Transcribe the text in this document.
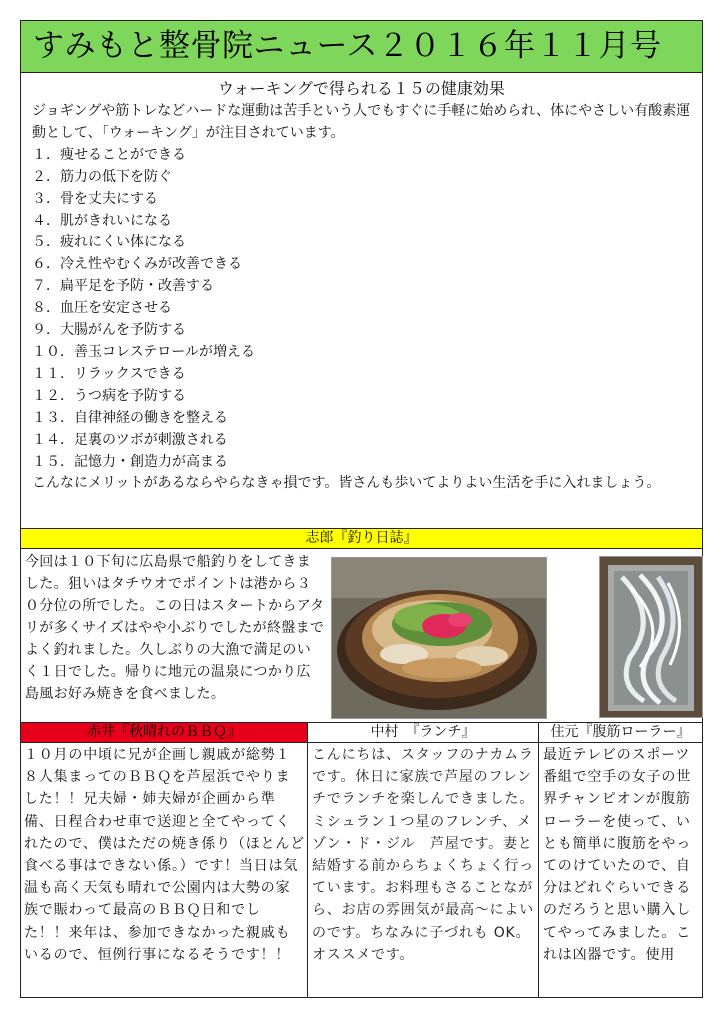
すみもと整骨院ニュース２０１６年１１月号
ウォーキングで得られる１５の健康効果

ジョギングや筋トレなどハードな運動は苦手という人でもすぐに手軽に始められ、体にやさしい有酸素運動として、「ウォーキング」が注目されています。

１．痩せることができる
２．筋力の低下を防ぐ
３．骨を丈夫にする
４．肌がきれいになる
５．疲れにくい体になる
６．冷え性やむくみが改善できる
７．扁平足を予防・改善する
８．血圧を安定させる
９．大腸がんを予防する
１０．善玉コレステロールが増える
１１．リラックスできる
１２．うつ病を予防する
１３．自律神経の働きを整える
１４．足裏のツボが刺激される
１５．記憶力・創造力が高まる

こんなにメリットがあるならやらなきゃ損です。皆さんも歩いてよりよい生活を手に入れましょう。

志郎『釣り日誌』

今回は１０下旬に広島県で船釣りをしてきました。狙いはタチウオでポイントは港から３０分位の所でした。この日はスタートからアタリが多くサイズはやや小ぶりでしたが終盤までよく釣れました。久しぶりの大漁で満足のいく１日でした。帰りに地元の温泉につかり広島風お好み焼きを食べました。

赤井『秋晴れのＢＢＱ』	中村　『ランチ』	住元『腹筋ローラー』

１０月の中頃に兄が企画し親戚が総勢１８人集まってのＢＢＱを芦屋浜でやりました！！兄夫婦・姉夫婦が企画から準備、日程合わせ車で送迎と全てやってくれたので、僕はただの焼き係り（ほとんど食べる事はできない係。）です！当日は気温も高く天気も晴れで公園内は大勢の家族で賑わって最高のＢＢＱ日和でした！！来年は、参加できなかった親戚もいるので、恒例行事になるそうです！！

こんにちは、スタッフのナカムラです。休日に家族で芦屋のフレンチでランチを楽しんできました。ミシュラン１つ星のフレンチ、メゾン・ド・ジル　芦屋です。妻と結婚する前からちょくちょく行っています。お料理もさることながら、お店の雰囲気が最高～によいのです。ちなみに子づれも OK。オススメです。

最近テレビのスポーツ番組で空手の女子の世界チャンピオンが腹筋ローラーを使って、いとも簡単に腹筋をやってのけていたので、自分はどれぐらいできるのだろうと思い購入してやってみました。これは凶器です。使用
